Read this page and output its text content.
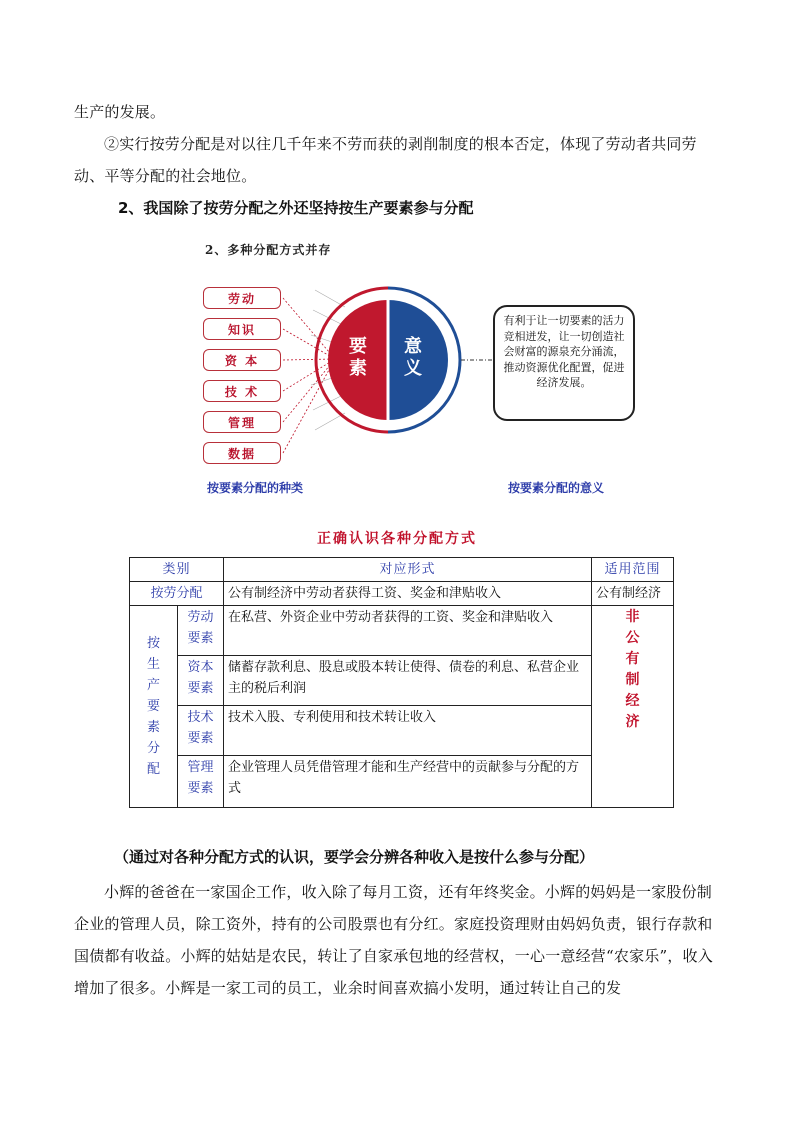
生产的发展。

②实行按劳分配是对以往几千年来不劳而获的剥削制度的根本否定，体现了劳动者共同劳动、平等分配的社会地位。

2、我国除了按劳分配之外还坚持按生产要素参与分配

2、多种分配方式并存
劳动
知识
资 本
技 术
管理
数据
要素
意义
有利于让一切要素的活力竞相迸发，让一切创造社会财富的源泉充分涌流，推动资源优化配置，促进经济发展。
按要素分配的种类	按要素分配的意义
正确认识各种分配方式
类别		对应形式	适用范围
按劳分配		公有制经济中劳动者获得工资、奖金和津贴收入	公有制经济
按生产要素分配	劳动要素	在私营、外资企业中劳动者获得的工资、奖金和津贴收入	非公有制经济
	资本要素	储蓄存款利息、股息或股本转让使得、债卷的利息、私营企业主的税后利润	
	技术要素	技术入股、专利使用和技术转让收入	
	管理要素	企业管理人员凭借管理才能和生产经营中的贡献参与分配的方式	

（通过对各种分配方式的认识，要学会分辨各种收入是按什么参与分配）

小辉的爸爸在一家国企工作，收入除了每月工资，还有年终奖金。小辉的妈妈是一家股份制企业的管理人员，除工资外，持有的公司股票也有分红。家庭投资理财由妈妈负责，银行存款和国债都有收益。小辉的姑姑是农民，转让了自家承包地的经营权，一心一意经营“农家乐”，收入增加了很多。小辉是一家工司的员工，业余时间喜欢搞小发明，通过转让自己的发
